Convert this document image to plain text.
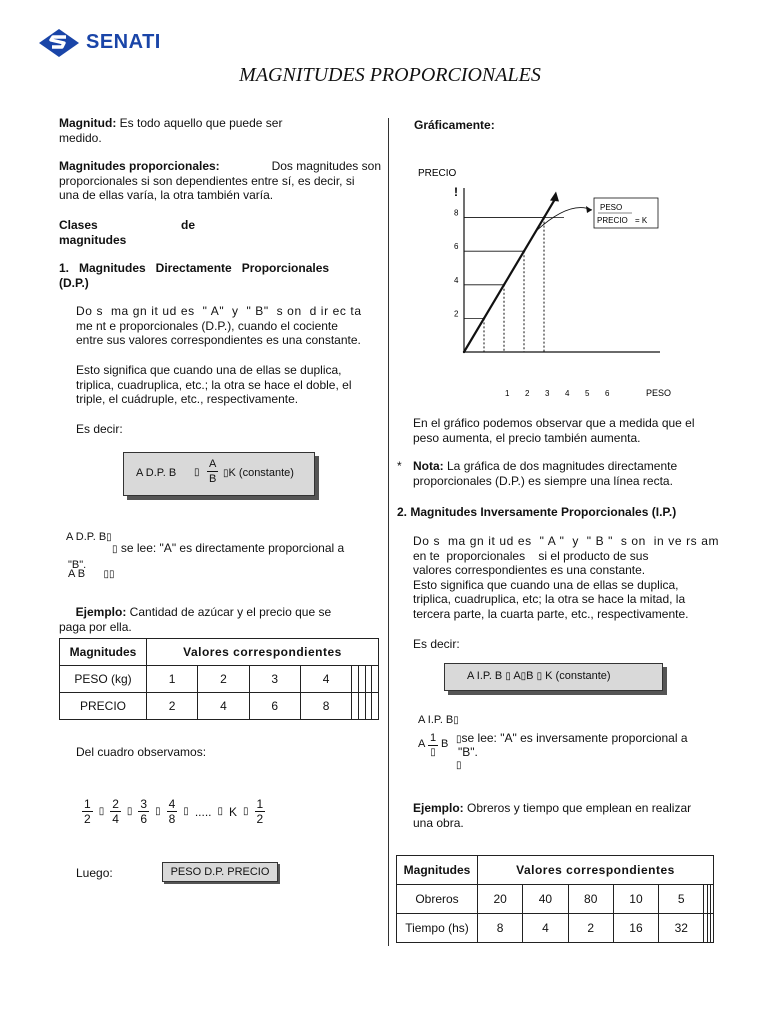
SENATI
MAGNITUDES PROPORCIONALES
Magnitud: Es todo aquello que puede ser
medido.
Magnitudes proporcionales:	Dos magnitudes son
proporcionales si son dependientes entre sí, es decir, si
una de ellas varía, la otra también varía.
Clases	de

magnitudes
1.   Magnitudes   Directamente   Proporcionales
(D.P.)
Do s  ma gn it ud es  " A"  y  " B"  s on  d ir ec ta
me nt e proporcionales (D.P.), cuando el cociente
entre sus valores correspondientes es una constante.
Esto significa que cuando una de ellas se duplica,
triplica, cuadruplica, etc.; la otra se hace el doble, el
triple, el cuádruple, etc., respectivamente.
Es decir:
A D.P. B ▯ $\frac{A}{B}$ ▯K (constante)
A D.P. B▯
▯ se lee: "A" es directamente proporcional a
"B".
A B ▯▯
Ejemplo: Cantidad de azúcar y el precio que se
paga por ella.
Magnitudes	Valores correspondientes							
PESO (kg)	1	2	3	4				
PRECIO	2	4	6	8				
Del cuadro observamos:
$\frac{1}{2}$ ▯ $\frac{2}{4}$ ▯ $\frac{3}{6}$ ▯ $\frac{4}{8}$ ▯ ..... ▯ K ▯ $\frac{1}{2}$
Luego:	PESO D.P. PRECIO
Gráficamente:
PRECIO
!
PESO
2
4
6
8
1 2 3 4 5 6
PESO
PRECIO = K
En el gráfico podemos observar que a medida que el
peso aumenta, el precio también aumenta.
* Nota: La gráfica de dos magnitudes directamente
proporcionales (D.P.) es siempre una línea recta.
2. Magnitudes Inversamente Proporcionales (I.P.)
Do s  ma gn it ud es  " A "  y  " B "  s on  in ve rs am
en te  proporcionales    si el producto de sus
valores correspondientes es una constante.
Esto significa que cuando una de ellas se duplica,
triplica, cuadruplica, etc; la otra se hace la mitad, la
tercera parte, la cuarta parte, etc., respectivamente.
Es decir:
A I.P. B ▯ A▯B ▯ K (constante)
A I.P. B▯
A 1
▯
B ▯se lee: "A" es inversamente proporcional a
"B".
▯
Ejemplo: Obreros y tiempo que emplean en realizar
una obra.
Magnitudes	Valores correspondientes							
Obreros	20	40	80	10	5			
Tiempo (hs)	8	4	2	16	32			
